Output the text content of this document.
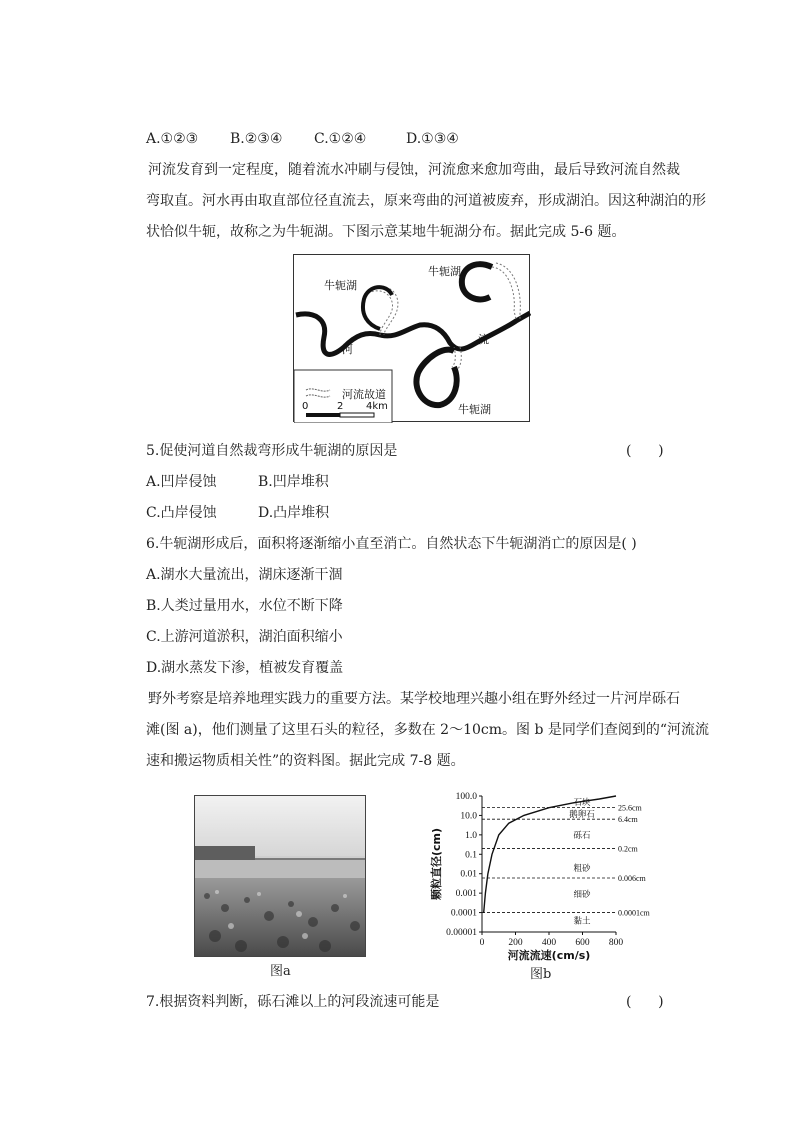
A.①②③ B.②③④ C.①②④	D.①③④
河流发育到一定程度，随着流水冲刷与侵蚀，河流愈来愈加弯曲，最后导致河流自然裁
弯取直。河水再由取直部位径直流去，原来弯曲的河道被废弃，形成湖泊。因这种湖泊的形
状恰似牛轭，故称之为牛轭湖。下图示意某地牛轭湖分布。据此完成 5-6 题。
牛轭湖
牛轭湖
牛轭湖
河
流
河流故道
0	2 4km
5.促使河道自然裁弯形成牛轭湖的原因是	(      )
A.凹岸侵蚀	B.凹岸堆积
C.凸岸侵蚀	D.凸岸堆积
6.牛轭湖形成后，面积将逐渐缩小直至消亡。自然状态下牛轭湖消亡的原因是( )
A.湖水大量流出，湖床逐渐干涸
B.人类过量用水，水位不断下降
C.上游河道淤积，湖泊面积缩小
D.湖水蒸发下渗，植被发育覆盖
野外考察是培养地理实践力的重要方法。某学校地理兴趣小组在野外经过一片河岸砾石
滩(图 a)，他们测量了这里石头的粒径，多数在 2～10cm。图 b 是同学们查阅到的“河流流
速和搬运物质相关性”的资料图。据此完成 7-8 题。
图a
100.0
10.0
1.0
0.1
0.01
0.001
0.0001
0.00001
0	200 400 600 800
河流流速(cm/s)
颗粒直径(cm)
25.6cm
6.4cm
0.2cm
0.006cm
0.0001cm
石块
鹅卵石
砾石
粗砂
细砂
黏土
图b
7.根据资料判断，砾石滩以上的河段流速可能是	(      )
